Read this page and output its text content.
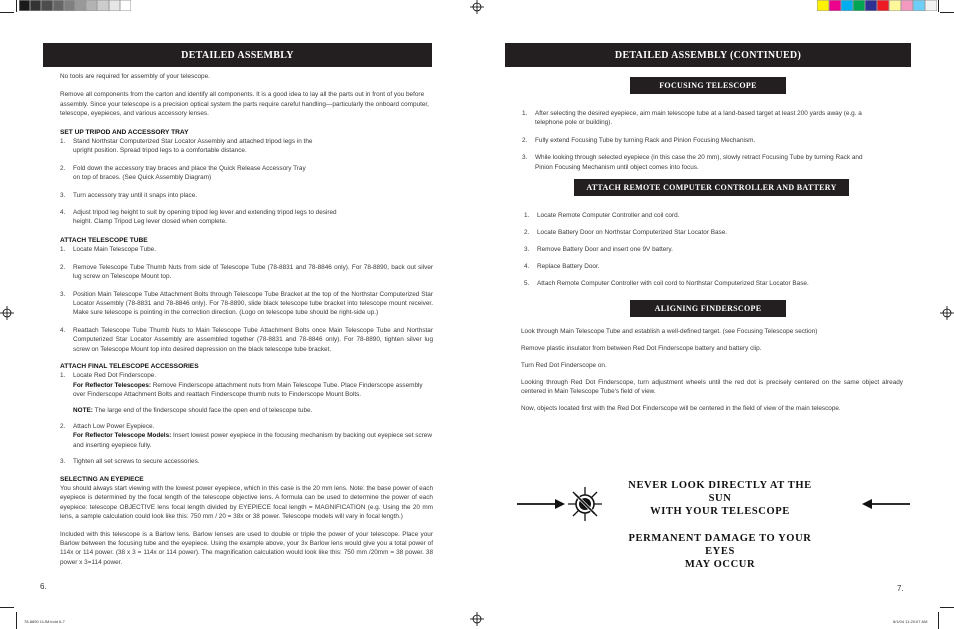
DETAILED ASSEMBLY

No tools are required for assembly of your telescope.

Remove all components from the carton and identify all components. It is a good idea to lay all the parts out in front of you before assembly. Since your telescope is a precision optical system the parts require careful handling—particularly the onboard computer, telescope, eyepieces, and various accessory lenses.

SET UP TRIPOD AND ACCESSORY TRAY

1.	Stand Northstar Computerized Star Locator Assembly and attached tripod legs in the upright position. Spread tripod legs to a comfortable distance.
2.	Fold down the accessory tray braces and place the Quick Release Accessory Tray on top of braces. (See Quick Assembly Diagram)
3.	Turn accessory tray until it snaps into place.
4.	Adjust tripod leg height to suit by opening tripod leg lever and extending tripod legs to desired height. Clamp Tripod Leg lever closed when complete.

ATTACH TELESCOPE TUBE

1.	Locate Main Telescope Tube.
2.	Remove Telescope Tube Thumb Nuts from side of Telescope Tube (78-8831 and 78-8846 only). For 78-8890, back out silver lug screw on Telescope Mount top.
3.	Position Main Telescope Tube Attachment Bolts through Telescope Tube Bracket at the top of the Northstar Computerized Star Locator Assembly (78-8831 and 78-8846 only). For 78-8890, slide black telescope tube bracket into telescope mount receiver. Make sure telescope is pointing in the correction direction. (Logo on telescope tube should be right-side up.)
4.	Reattach Telescope Tube Thumb Nuts to Main Telescope Tube Attachment Bolts once Main Telescope Tube and Northstar Computerized Star Locator Assembly are assembled together (78-8831 and 78-8846 only). For 78-8890, tighten silver lug screw on Telescope Mount top into desired depression on the black telescope tube bracket.

ATTACH FINAL TELESCOPE ACCESSORIES

1.	Locate Red Dot Finderscope.
For Reflector Telescopes: Remove Finderscope attachment nuts from Main Telescope Tube. Place Finderscope assembly over Finderscope Attachment Bolts and reattach Finderscope thumb nuts to Finderscope Mount Bolts.

NOTE: The large end of the finderscope should face the open end of telescope tube.
2.	Attach Low Power Eyepiece.
For Reflector Telescope Models: Insert lowest power eyepiece in the focusing mechanism by backing out eyepiece set screw and inserting eyepiece fully.
3.	Tighten all set screws to secure accessories.

SELECTING AN EYEPIECE

You should always start viewing with the lowest power eyepiece, which in this case is the 20 mm lens. Note: the base power of each eyepiece is determined by the focal length of the telescope objective lens. A formula can be used to determine the power of each eyepiece: telescope OBJECTIVE lens focal length divided by EYEPIECE focal length = MAGNIFICATION (e.g. Using the 20 mm lens, a sample calculation could look like this: 750 mm / 20 = 38x or 38 power. Telescope models will vary in focal length.)

Included with this telescope is a Barlow lens. Barlow lenses are used to double or triple the power of your telescope. Place your Barlow between the focusing tube and the eyepiece. Using the example above, your 3x Barlow lens would give you a total power of 114x or 114 power. (38 x 3 = 114x or 114 power). The magnification calculation would look like this: 750 mm /20mm = 38 power. 38 power x 3=114 power.

6.
DETAILED ASSEMBLY (CONTINUED)
FOCUSING TELESCOPE
1.	After selecting the desired eyepiece, aim main telescope tube at a land-based target at least 200 yards away (e.g. a telephone pole or building).
2.	Fully extend Focusing Tube by turning Rack and Pinion Focusing Mechanism.
3.	While looking through selected eyepiece (in this case the 20 mm), slowly retract Focusing Tube by turning Rack and Pinion Focusing Mechanism until object comes into focus.
ATTACH REMOTE COMPUTER CONTROLLER AND BATTERY
1.	Locate Remote Computer Controller and coil cord.
2.	Locate Battery Door on Northstar Computerized Star Locator Base.
3.	Remove Battery Door and insert one 9V battery.
4.	Replace Battery Door.
5.	Attach Remote Computer Controller with coil cord to Northstar Computerized Star Locator Base.
ALIGNING FINDERSCOPE

Look through Main Telescope Tube and establish a well-defined target. (see Focusing Telescope section)

Remove plastic insulator from between Red Dot Finderscope battery and battery clip.

Turn Red Dot Finderscope on.

Looking through Red Dot Finderscope, turn adjustment wheels until the red dot is precisely centered on the same object already centered in Main Telescope Tube's field of view.

Now, objects located first with the Red Dot Finderscope will be centered in the field of view of the main telescope.

NEVER LOOK DIRECTLY AT THE SUN
WITH YOUR TELESCOPE
PERMANENT DAMAGE TO YOUR EYES
MAY OCCUR
7.
78-8890 11JM.indd 6-7	8/1/04 11:20:07 AM
